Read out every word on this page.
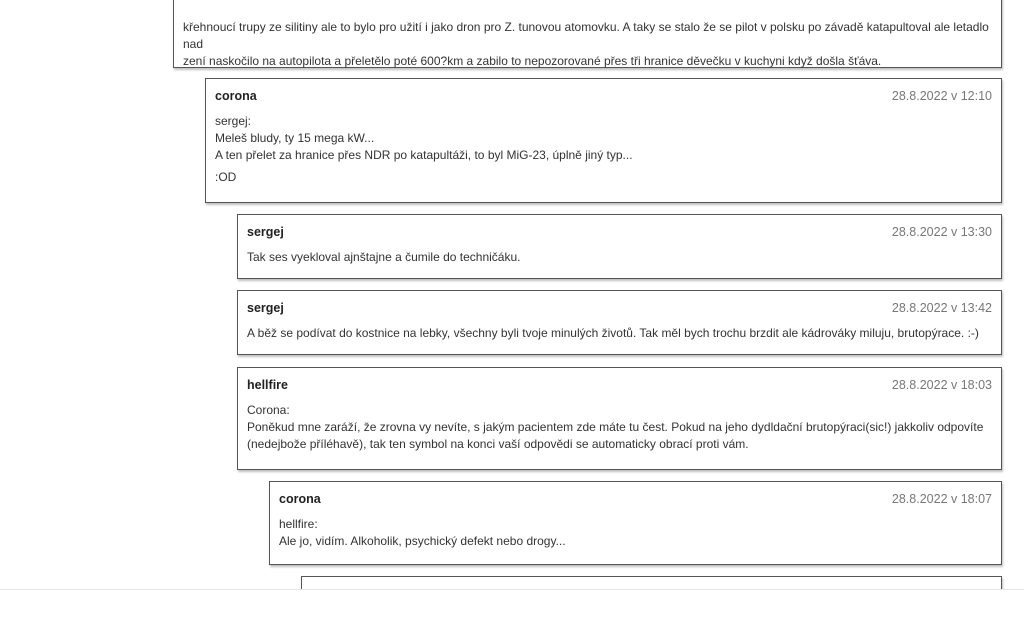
křehnoucí trupy ze silitiny ale to bylo pro užití i jako dron pro Z. tunovou atomovku. A taky se stalo že se pilot v polsku po závadě katapultoval ale letadlo nad

zení naskočilo na autopilota a přeletělo poté 600?km a zabilo to nepozorované přes tři hranice děvečku v kuchyni když došla šťáva.

corona	28.8.2022 v 12:10

sergej:

Meleš bludy, ty 15 mega kW...

A ten přelet za hranice přes NDR po katapultáži, to byl MiG-23, úplně jiný typ...

:OD

sergej	28.8.2022 v 13:30

Tak ses vyekloval ajnštajne a čumile do techničáku.

sergej	28.8.2022 v 13:42

A běž se podívat do kostnice na lebky, všechny byli tvoje minulých životů. Tak měl bych trochu brzdit ale kádrováky miluju, brutopýrace. :-)

hellfire	28.8.2022 v 18:03

Corona:

Poněkud mne zaráží, že zrovna vy nevíte, s jakým pacientem zde máte tu čest. Pokud na jeho dydldační brutopýraci(sic!) jakkoliv odpovíte

(nedejbože příléhavě), tak ten symbol na konci vaší odpovědi se automaticky obrací proti vám.

corona	28.8.2022 v 18:07

hellfire:

Ale jo, vidím. Alkoholik, psychický defekt nebo drogy...
